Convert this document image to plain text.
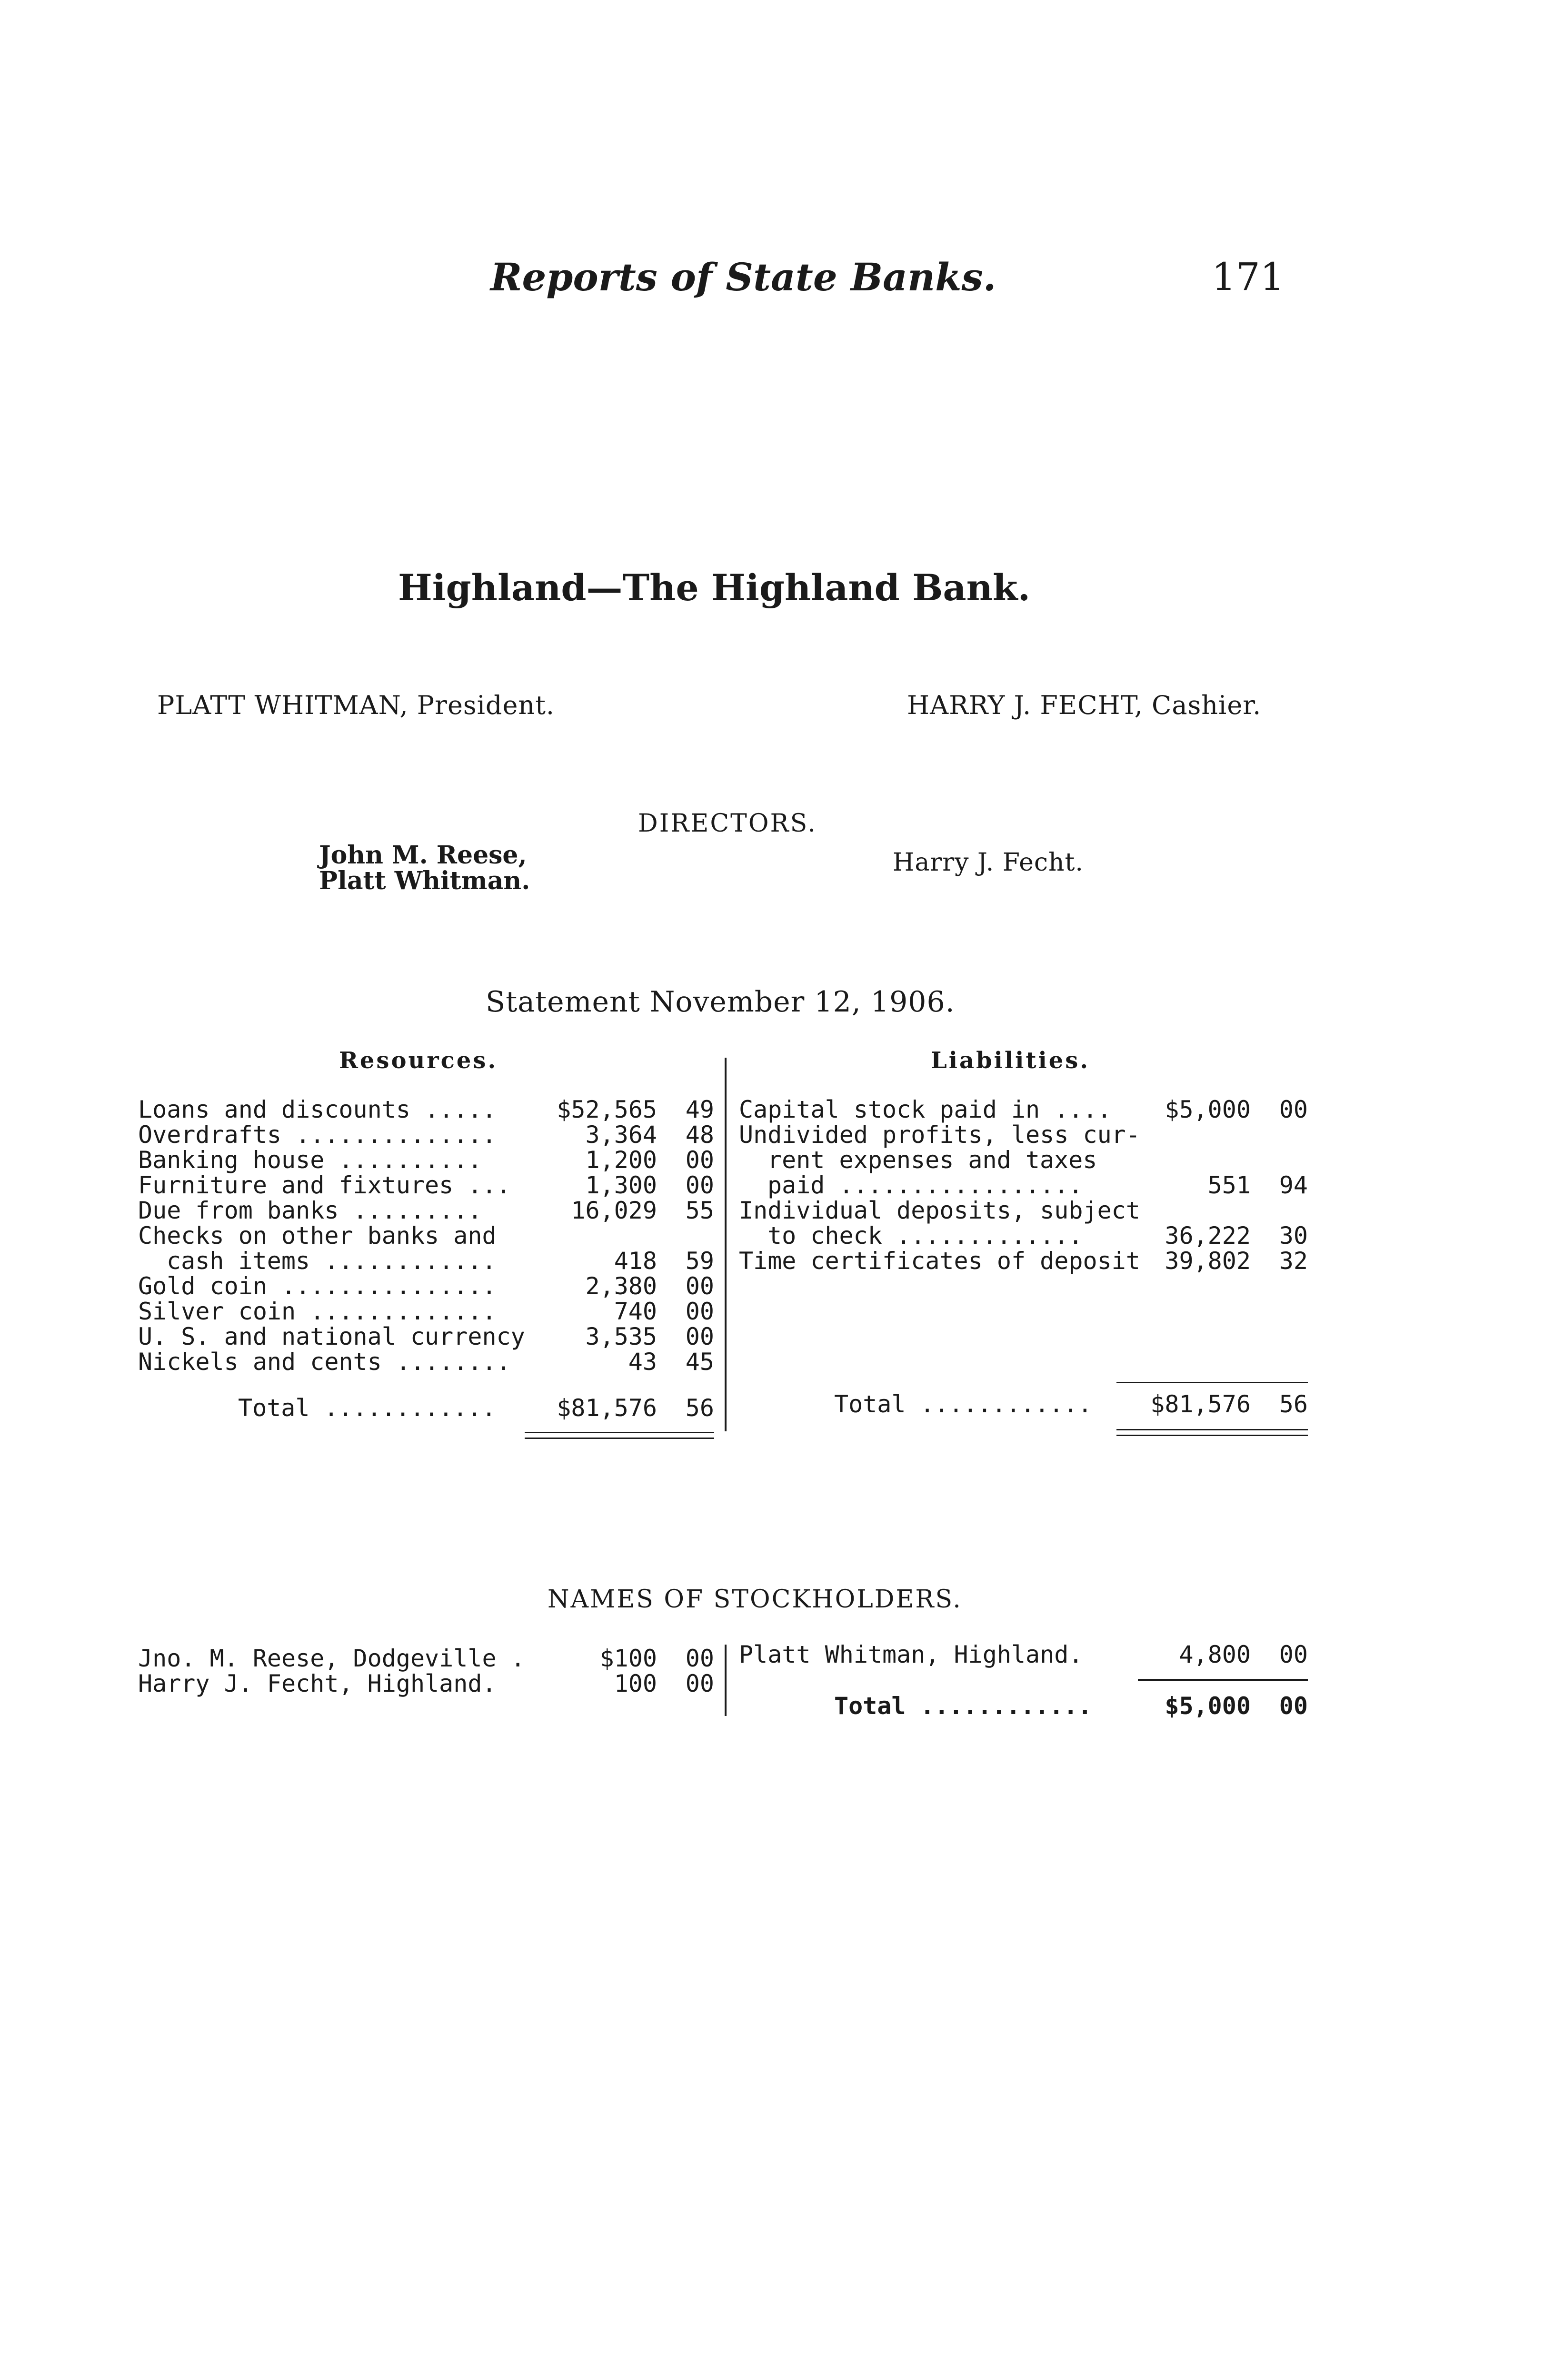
Reports of State Banks.	171
Highland—The Highland Bank.
PLATT WHITMAN, President.	HARRY J. FECHT, Cashier.
DIRECTORS.
John M. Reese,
Platt Whitman.
Harry J. Fecht.
Statement November 12, 1906.
Resources.	Liabilities.
Loans and discounts .....	$52,565 49
Overdrafts ..............	3,364 48
Banking house ..........	1,200 00
Furniture and fixtures ...	1,300 00
Due from banks .........	16,029 55
Checks on other banks and
cash items ............	418 59
Gold coin ...............	2,380 00
Silver coin .............	740 00
U. S. and national currency	3,535 00
Nickels and cents ........	43 45
Total ............	$81,576 56
Capital stock paid in .... $5,000 00
Undivided profits, less cur-
rent expenses and taxes
paid .................	551 94
Individual deposits, subject
to check .............	36,222 30
Time certificates of deposit 39,802 32
Total ............ $81,576 56
NAMES OF STOCKHOLDERS.
Jno. M. Reese, Dodgeville .	$100 00
Harry J. Fecht, Highland.	100 00
Platt Whitman, Highland.	4,800 00
Total ............	$5,000 00
